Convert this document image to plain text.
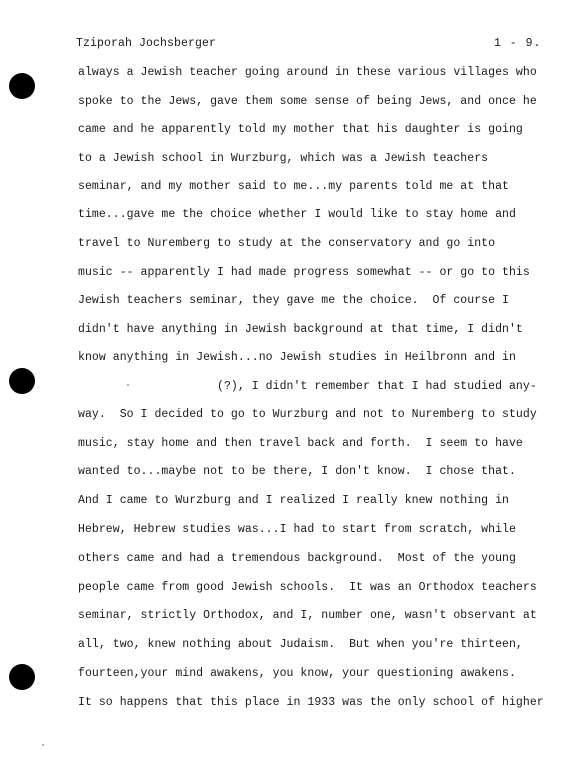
Tziporah Jochsberger	1 - 9.
always a Jewish teacher going around in these various villages who
spoke to the Jews, gave them some sense of being Jews, and once he
came and he apparently told my mother that his daughter is going
to a Jewish school in Wurzburg, which was a Jewish teachers
seminar, and my mother said to me...my parents told me at that
time...gave me the choice whether I would like to stay home and
travel to Nuremberg to study at the conservatory and go into
music -- apparently I had made progress somewhat -- or go to this
Jewish teachers seminar, they gave me the choice.  Of course I
didn't have anything in Jewish background at that time, I didn't
know anything in Jewish...no Jewish studies in Heilbronn and in
(?), I didn't remember that I had studied any-
way.  So I decided to go to Wurzburg and not to Nuremberg to study
music, stay home and then travel back and forth.  I seem to have
wanted to...maybe not to be there, I don't know.  I chose that.
And I came to Wurzburg and I realized I really knew nothing in
Hebrew, Hebrew studies was...I had to start from scratch, while
others came and had a tremendous background.  Most of the young
people came from good Jewish schools.  It was an Orthodox teachers
seminar, strictly Orthodox, and I, number one, wasn't observant at
all, two, knew nothing about Judaism.  But when you're thirteen,
fourteen,your mind awakens, you know, your questioning awakens.
It so happens that this place in 1933 was the only school of higher
